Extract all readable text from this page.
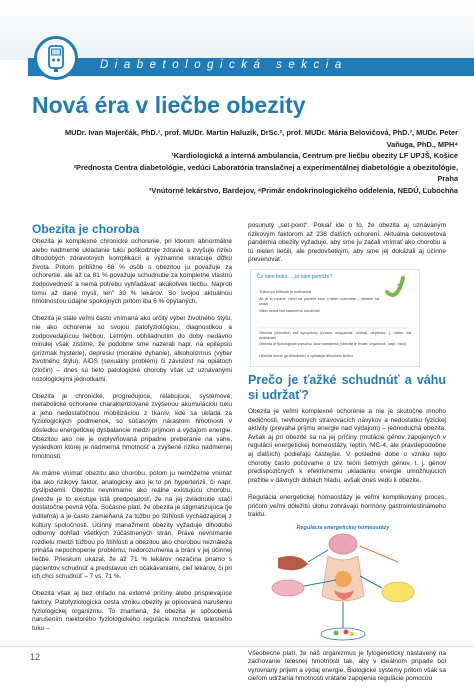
Diabetologická sekcia
Nová éra v liečbe obezity
MUDr. Ivan Majerčák, PhD.¹, prof. MUDr. Martin Haluzík, DrSc.², prof. MUDr. Mária Belovičová, PhD.³, MUDr. Peter Vaňuga, PhD., MPH⁴
¹Kardiologická a interná ambulancia, Centrum pre liečbu obezity LF UPJŠ, Košice
²Prednosta Centra diabetológie, vedúci Laboratória translačnej a experimentálnej diabetológie a obezitológie, Praha
³Vnútorné lekárstvo, Bardejov, ⁴Primár endokrinologického oddelenia, NEDÚ, Ľubochňa
Obezita je choroba

Obezita je komplexné chronické ochorenie, pri ktorom abnormálne alebo nadmerné ukladanie tuku poškodzuje zdravie a zvyšuje riziko dlhodobých zdravotných komplikácií a významne skracuje dĺžku života. Pritom približne 68 % osôb s obezitou ju považuje za ochorenie, ale až ca 81 % považuje schudnutie za kompletne vlastnú zodpovednosť a nemá potrebu vyhľadávať akúkoľvek liečbu. Naproti tomu až dané myslí, len" 30 % lekárov. So svojou aktuálnou hmotnosťou údajne spokojných pritom iba 6 % opýtaných.

Obezita je stále veľmi často vnímaná ako určitý výber životného štýlu, nie ako ochorenie so svojou patofyziológiou, diagnostikou a zodpovedajúcou liečbou. Letmým obhliadnutím do doby nedávno minulej však zistíme, že podobne sme nazerali napr. na epilepsiu (prízmak hystérie), depresiu (morálne dyhanie), alkoholizmus (výber životného štýlu), AIDS (sexuálny problém) či závislosť na opiátoch (zločin) – dnes sú tieto patologické choroby však už uznávanými nozologickými jednotkami.

Obezita je chronické, progredujúce, relabujúce, systémové, metabolické ochorenie charakterizované zvýšenou akumuláciou tuku a jeho nedostatočnou mobilizáciou z tkanív, kde sa ukladá za fyziologických podmienok, so súčasným nárastom hmotnosti v dôsledku energetickej dysbalancie medzi príjmom a výdajom energie. Obezitou ako nie je ovplyvňovaná prípadne preberanie na vahe, výsledkom ktorej je nadmerná hmotnosť a zvýšené riziko nadmernej hmotnosti.

Ak máme vnímať obezitu ako chorobu, potom ju nemôžeme vnímať iba ako rizikový faktor, analogicky ako je to pri hypertenzii, či napr. dyslipidémii. Obezitu nevnímame ako reálne existujúcu chorobu, pretože je to existuje istá predpojatosť, že na jej zvládnutie stačí dostatočne pevná vôľa. Súčasne platí, že obezita je stigmatizujúca (je viditeľná) a je často zamieňaná za túžbu po štíhlosti vychádzajúcej z kultúry spoločnosti. Účinný manažment obezity vyžaduje dlhodobo odborný dohľad všetkých zúčastnených strán. Práve nevnímanie rozdielu medzi túžbou po štíhlosti a obezitou ako chorobou neználeža prináša nepochopenie problému, nedorozumenia a bráni v jej účinnej liečbe. Prieskum ukázal, že až 71 % lekárov nezačína priamo s pacientov schudnúť a predstavuo ich očakávaniami, cieľ lekárov, či pri ich chcí schudnúť – 7 vs. 71 %.

Obezita však aj bez ohľadu na externé príčiny alebo prispievajúce faktory. Patofyziologická cesta vzniku obezity je opisovaná narušeniu fyziologickej organizmu. To znamená, že obezita je spôsobená narušením niektorého fyziologického regulácie množstva telesného tuku –

posunutý „set-point“. Pokiaľ ide o to, že obezita aj uznávaným rizikovým faktorom až 236 ďalších ochorení. Aktuálna celosvetová pandémia obezity vyžaduje, aby sme ju začali vnímať ako chorobu a tú nielen liečili, ale predovšetkým, aby sme jej dokázali aj účinne prevenovať.

Čo nám bráni… „to nám pomôže?
Túžba po štíhlosti je motivačná
Ak je to možné, nech sa pacient sám o sebe rozhodne – ideálne sa snaží
Nikto nemá rád nadmernú hmotnosť
Obezita (choroba) má symptómy (únava, nespavosť, bolesti, depresia…), nielen iná očakávaní
Obezita je fyziologická porucha, stav narušenia (obezita je trvalé, organické, napr. hlad)
Obezita nemá (je dlhodobé) a vyžaduje dlhodobú liečbu
Prečo je ťažké schudnúť a váhu si udržať?

Obezita je veľmi komplexné ochorenie a nie je skutočne mnoho dedičnosti, nevhodných stravovacích návykov a nedostatku fyzickej aktivity (prevaha príjmu energie nad výdajom) – jednoduchá obezita. Avšak aj pri obezite sa na jej príčiny (mutácie génov zapojených v regulácii energetickej homeostázy, leptín, MC-4, ale pravdepodobne aj ďalších) podieľajú častejšie. V posledné dobe o vzniku tejto choroby často počúvame o tzv. teórii šetrných génov, t. j. génov predispozičných k efektívnemu ukladaniu energie umožňujúcich prežitie v dávnych dobách hladu, avšak dnes vedú k obezite.

Regulácia energetickej homeostázy je veľmi komplikovaný proces, pričom veľmi dôležitú úlohu zohrávajú hormóny gastrointestinálneho traktu.

Regulácia energetickej homeostázy

Všeobecne platí, že náš organizmus je fylogeneticky nastavený na zachovanie telesnej hmotnosti tak, aby v ideálnom prípade bol vyrovnaný príjem a výdaj energie. Biologické systémy pritom však sa cieľom udržania hmotnosti vrátane zapojenia regulácie pomocou

12
